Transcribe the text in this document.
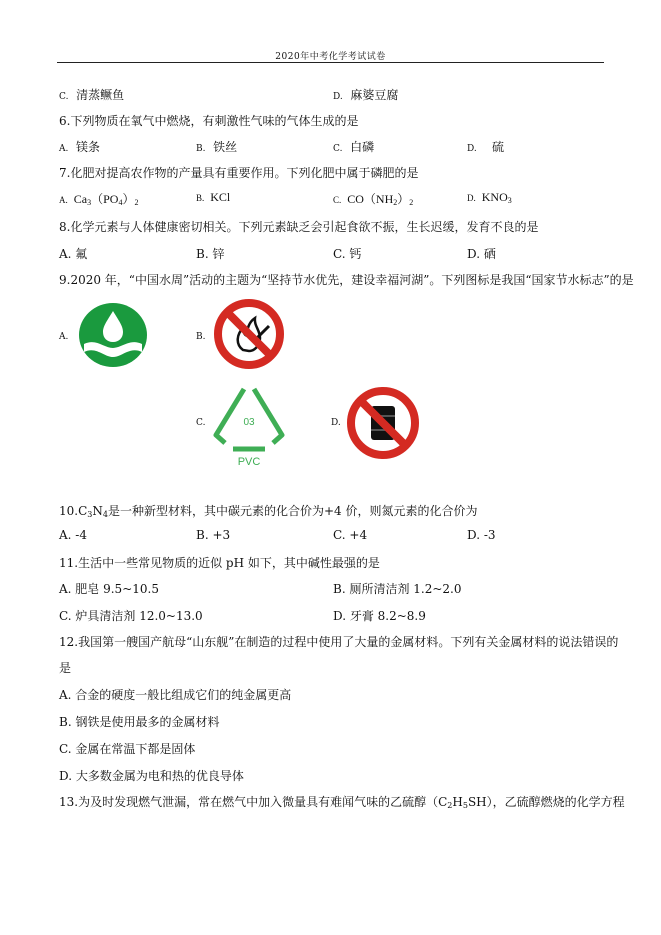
2020年中考化学考试试卷
C. 清蒸鳜鱼	D. 麻婆豆腐
6.下列物质在氧气中燃烧，有刺激性气味的气体生成的是
A. 镁条	B. 铁丝	C. 白磷	D. 硫
7.化肥对提高农作物的产量具有重要作用。下列化肥中属于磷肥的是
A. $Ca_3(PO_4)_2$	B. KCl	C. $CO(NH_2)_2$	D. $KNO_3$
8.化学元素与人体健康密切相关。下列元素缺乏会引起食欲不振，生长迟缓，发育不良的是
A. 氟	B. 锌	C. 钙	D. 硒
9.2020 年，“中国水周”活动的主题为“坚持节水优先，建设幸福河湖”。下列图标是我国“国家节水标志”的是
A.	B.
C.	03
PVC
D.
$10.C_3N_4$是一种新型材料，其中碳元素的化合价为+4 价，则氮元素的化合价为
A. -4	B. +3	C. +4	D. -3
11.生活中一些常见物质的近似 pH 如下，其中碱性最强的是
A. 肥皂 9.5~10.5	B. 厕所清洁剂 1.2~2.0
C. 炉具清洁剂 12.0~13.0	D. 牙膏 8.2~8.9
12.我国第一艘国产航母“山东舰”在制造的过程中使用了大量的金属材料。下列有关金属材料的说法错误的
是
A. 合金的硬度一般比组成它们的纯金属更高
B. 钢铁是使用最多的金属材料
C. 金属在常温下都是固体
D. 大多数金属为电和热的优良导体
13.为及时发现燃气泄漏，常在燃气中加入微量具有难闻气味的乙硫醇$(C_2H_5SH)$，乙硫醇燃烧的化学方程
